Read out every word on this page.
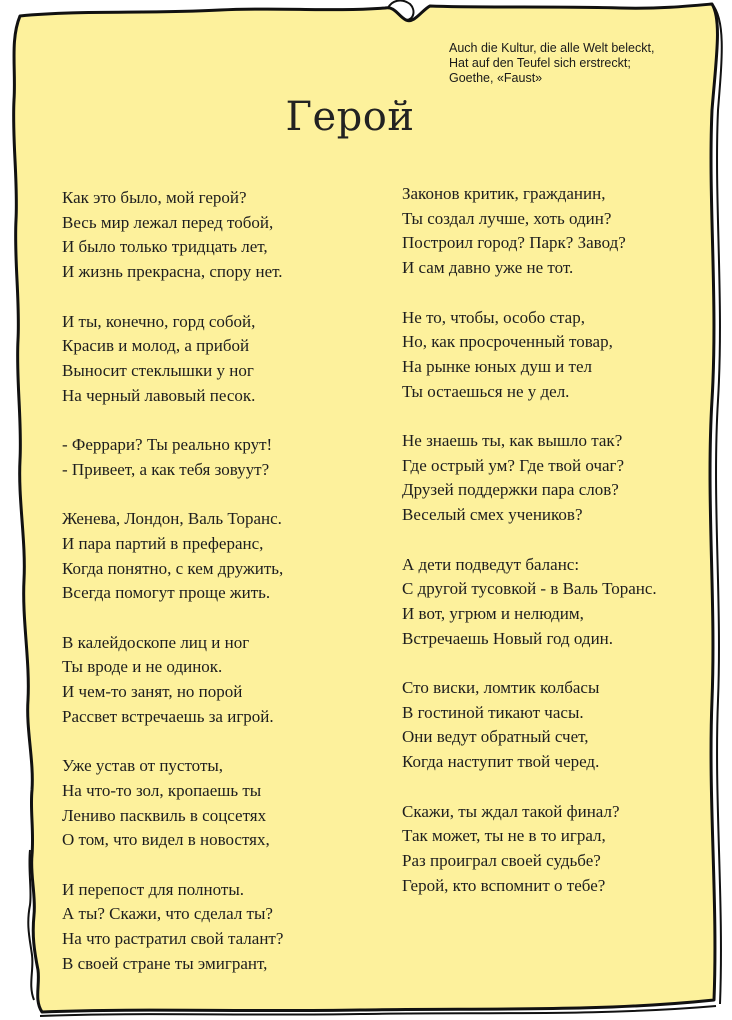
Auch die Kultur, die alle Welt beleckt,
Hat auf den Teufel sich erstreckt;
Goethe, «Faust»
Герой
Как это было, мой герой?
Весь мир лежал перед тобой,
И было только тридцать лет,
И жизнь прекрасна, спору нет.
И ты, конечно, горд собой,
Красив и молод, а прибой
Выносит стеклышки у ног
На черный лавовый песок.
- Феррари? Ты реально крут!
- Привеет, а как тебя зовуут?
Женева, Лондон, Валь Торанс.
И пара партий в преферанс,
Когда понятно, с кем дружить,
Всегда помогут проще жить.
В калейдоскопе лиц и ног
Ты вроде и не одинок.
И чем-то занят, но порой
Рассвет встречаешь за игрой.
Уже устав от пустоты,
На что-то зол, кропаешь ты
Лениво пасквиль в соцсетях
О том, что видел в новостях,
И перепост для полноты.
А ты? Скажи, что сделал ты?
На что растратил свой талант?
В своей стране ты эмигрант,
Законов критик, гражданин,
Ты создал лучше, хоть один?
Построил город? Парк? Завод?
И сам давно уже не тот.
Не то, чтобы, особо стар,
Но, как просроченный товар,
На рынке юных душ и тел
Ты остаешься не у дел.
Не знаешь ты, как вышло так?
Где острый ум? Где твой очаг?
Друзей поддержки пара слов?
Веселый смех учеников?
А дети подведут баланс:
С другой тусовкой - в Валь Торанс.
И вот, угрюм и нелюдим,
Встречаешь Новый год один.
Сто виски, ломтик колбасы
В гостиной тикают часы.
Они ведут обратный счет,
Когда наступит твой черед.
Скажи, ты ждал такой финал?
Так может, ты не в то играл,
Раз проиграл своей судьбе?
Герой, кто вспомнит о тебе?
